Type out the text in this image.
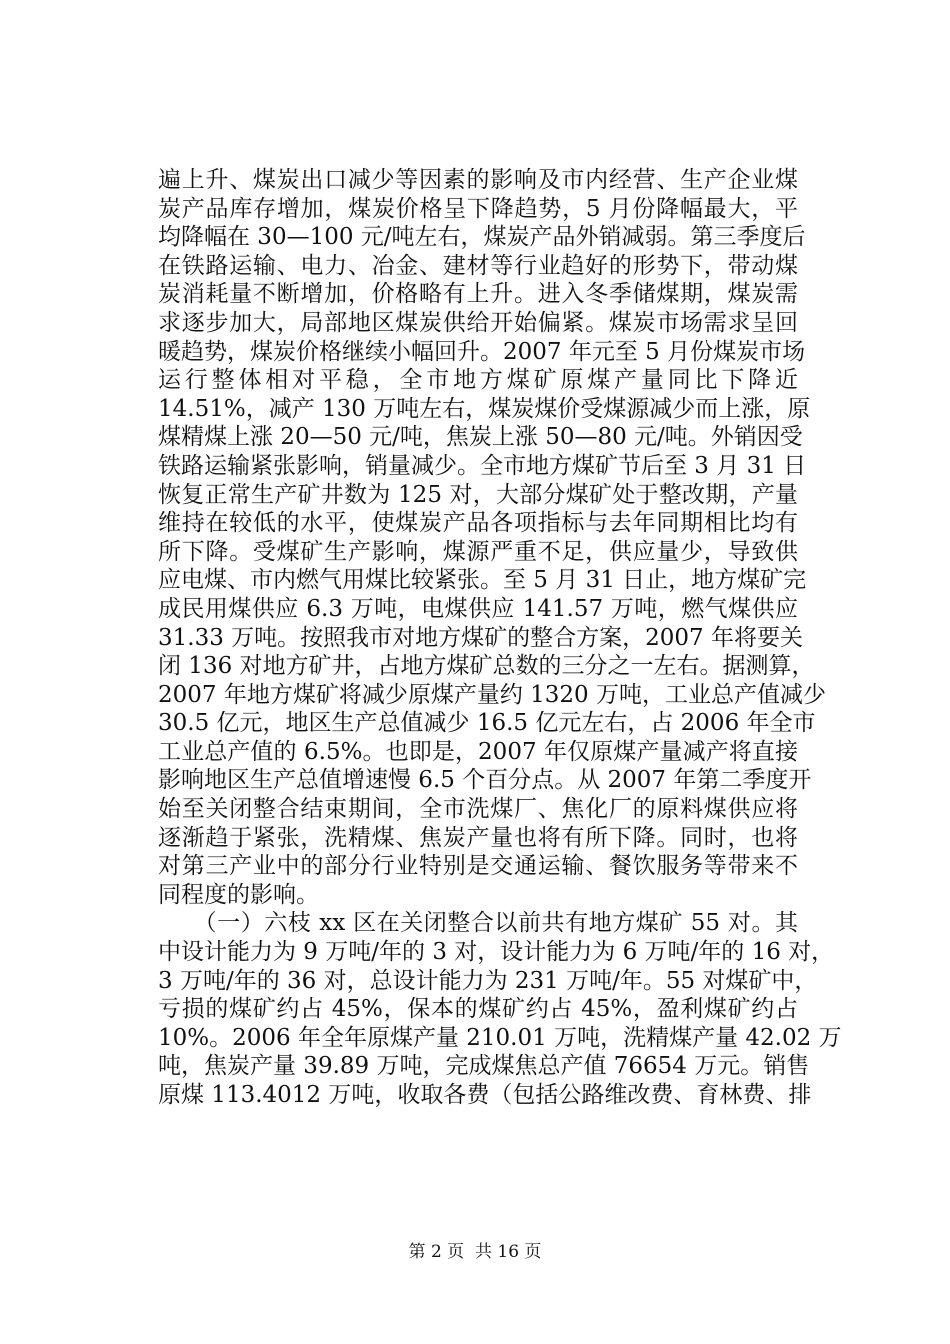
遍上升、煤炭出口减少等因素的影响及市内经营、生产企业煤
炭产品库存增加，煤炭价格呈下降趋势，5 月份降幅最大，平
均降幅在 30—100 元/吨左右，煤炭产品外销减弱。第三季度后
在铁路运输、电力、冶金、建材等行业趋好的形势下，带动煤
炭消耗量不断增加，价格略有上升。进入冬季储煤期，煤炭需
求逐步加大，局部地区煤炭供给开始偏紧。煤炭市场需求呈回
暖趋势，煤炭价格继续小幅回升。2007 年元至 5 月份煤炭市场
运行整体相对平稳，全市地方煤矿原煤产量同比下降近
14.51%，减产 130 万吨左右，煤炭煤价受煤源减少而上涨，原
煤精煤上涨 20—50 元/吨，焦炭上涨 50—80 元/吨。外销因受
铁路运输紧张影响，销量减少。全市地方煤矿节后至 3 月 31 日
恢复正常生产矿井数为 125 对，大部分煤矿处于整改期，产量
维持在较低的水平，使煤炭产品各项指标与去年同期相比均有
所下降。受煤矿生产影响，煤源严重不足，供应量少，导致供
应电煤、市内燃气用煤比较紧张。至 5 月 31 日止，地方煤矿完
成民用煤供应 6.3 万吨，电煤供应 141.57 万吨，燃气煤供应
31.33 万吨。按照我市对地方煤矿的整合方案，2007 年将要关
闭 136 对地方矿井，占地方煤矿总数的三分之一左右。据测算，
2007 年地方煤矿将减少原煤产量约 1320 万吨，工业总产值减少
30.5 亿元，地区生产总值减少 16.5 亿元左右，占 2006 年全市
工业总产值的 6.5%。也即是，2007 年仅原煤产量减产将直接
影响地区生产总值增速慢 6.5 个百分点。从 2007 年第二季度开
始至关闭整合结束期间，全市洗煤厂、焦化厂的原料煤供应将
逐渐趋于紧张，洗精煤、焦炭产量也将有所下降。同时，也将
对第三产业中的部分行业特别是交通运输、餐饮服务等带来不
同程度的影响。
　　（一）六枝 xx 区在关闭整合以前共有地方煤矿 55 对。其
中设计能力为 9 万吨/年的 3 对，设计能力为 6 万吨/年的 16 对，
3 万吨/年的 36 对，总设计能力为 231 万吨/年。55 对煤矿中，
亏损的煤矿约占 45%，保本的煤矿约占 45%，盈利煤矿约占
10%。2006 年全年原煤产量 210.01 万吨，洗精煤产量 42.02 万
吨，焦炭产量 39.89 万吨，完成煤焦总产值 76654 万元。销售
原煤 113.4012 万吨，收取各费（包括公路维改费、育林费、排
第 2 页 共 16 页
